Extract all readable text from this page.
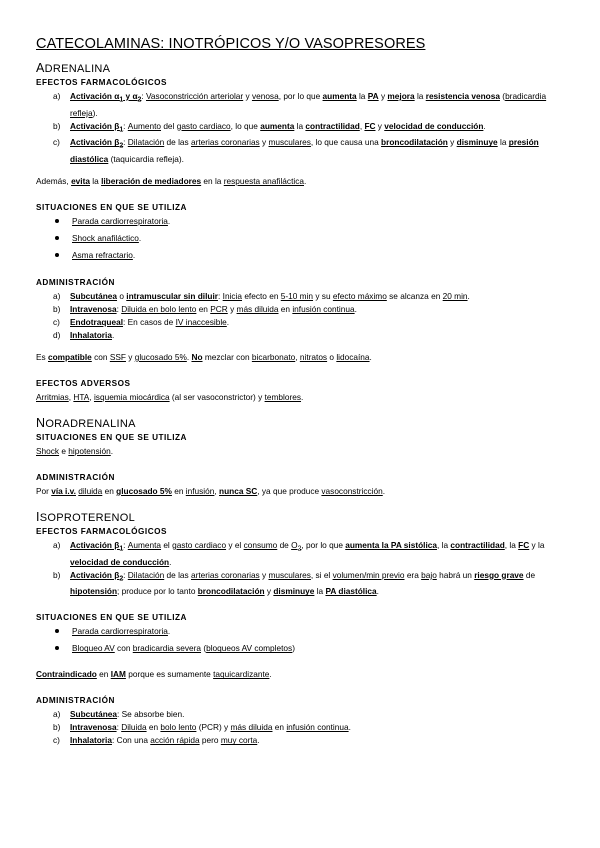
CATECOLAMINAS: INOTRÓPICOS Y/O VASOPRESORES
ADRENALINA
EFECTOS FARMACOLÓGICOS
a) Activación $\alpha_1$ y $\alpha_2$: Vasoconstricción arteriolar y venosa, por lo que aumenta la PA y mejora la resistencia venosa (bradicardia refleja).
b) Activación $\beta_1$: Aumento del gasto cardiaco, lo que aumenta la contractilidad, FC y velocidad de conducción.
c) Activación $\beta_2$: Dilatación de las arterias coronarias y musculares, lo que causa una broncodilatación y disminuye la presión diastólica (taquicardia refleja).

Además, evita la liberación de mediadores en la respuesta anafiláctica.

SITUACIONES EN QUE SE UTILIZA
Parada cardiorrespiratoria.
Shock anafiláctico.
Asma refractario.
ADMINISTRACIÓN
a) Subcutánea o intramuscular sin diluir: Inicia efecto en 5-10 min y su efecto máximo se alcanza en 20 min.
b) Intravenosa: Diluida en bolo lento en PCR y más diluida en infusión continua.
c) Endotraqueal: En casos de IV inaccesible.
d) Inhalatoria.

Es compatible con SSF y glucosado 5%. No mezclar con bicarbonato, nitratos o lidocaína.

EFECTOS ADVERSOS

Arritmias, HTA, isquemia miocárdica (al ser vasoconstrictor) y temblores.

NORADRENALINA
SITUACIONES EN QUE SE UTILIZA

Shock e hipotensión.

ADMINISTRACIÓN

Por vía i.v. diluida en glucosado 5% en infusión, nunca SC, ya que produce vasoconstricción.

ISOPROTERENOL
EFECTOS FARMACOLÓGICOS
a) Activación $\beta_1$: Aumenta el gasto cardiaco y el consumo de $O_2$, por lo que aumenta la PA sistólica, la contractilidad, la FC y la velocidad de conducción.
b) Activación $\beta_2$: Dilatación de las arterias coronarias y musculares, si el volumen/min previo era bajo habrá un riesgo grave de hipotensión; produce por lo tanto broncodilatación y disminuye la PA diastólica.
SITUACIONES EN QUE SE UTILIZA
Parada cardiorrespiratoria.
Bloqueo AV con bradicardia severa (bloqueos AV completos)

Contraindicado en IAM porque es sumamente taquicardizante.

ADMINISTRACIÓN
a) Subcutánea: Se absorbe bien.
b) Intravenosa: Diluida en bolo lento (PCR) y más diluida en infusión continua.
c) Inhalatoria: Con una acción rápida pero muy corta.
